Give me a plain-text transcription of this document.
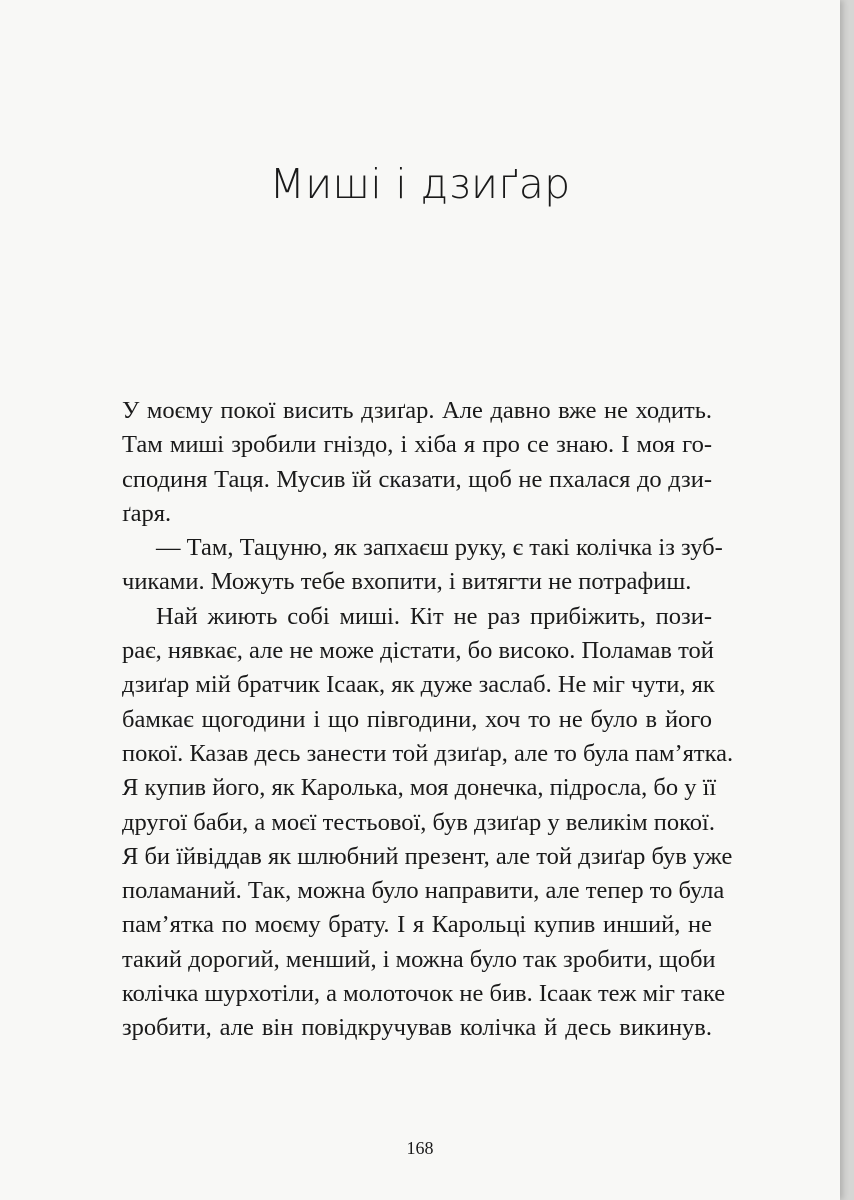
Миші і дзиґар
У моєму покої висить дзиґар. Але давно вже не ходить.
Там миші зробили гніздо, і хіба я про се знаю. І моя го-
сподиня Таця. Мусив їй сказати, щоб не пхалася до дзи-
ґаря.
— Там, Тацуню, як запхаєш руку, є такі колічка із зуб-
чиками. Можуть тебе вхопити, і витягти не потрафиш.
Най жиють собі миші. Кіт не раз прибіжить, пози-
рає, нявкає, але не може дістати, бо високо. Поламав той
дзиґар мій братчик Ісаак, як дуже заслаб. Не міг чути, як
бамкає щогодини і що півгодини, хоч то не було в його
покої. Казав десь занести той дзиґар, але то була пам’ятка.
Я купив його, як Каролька, моя донечка, підросла, бо у її
другої баби, а моєї тестьової, був дзиґар у великім покої.
Я би їйвіддав як шлюбний презент, але той дзиґар був уже
поламаний. Так, можна було направити, але тепер то була
пам’ятка по моєму брату. І я Карольці купив инший, не
такий дорогий, менший, і можна було так зробити, щоби
колічка шурхотіли, а молоточок не бив. Ісаак теж міг таке
зробити, але він повідкручував колічка й десь викинув.
168
